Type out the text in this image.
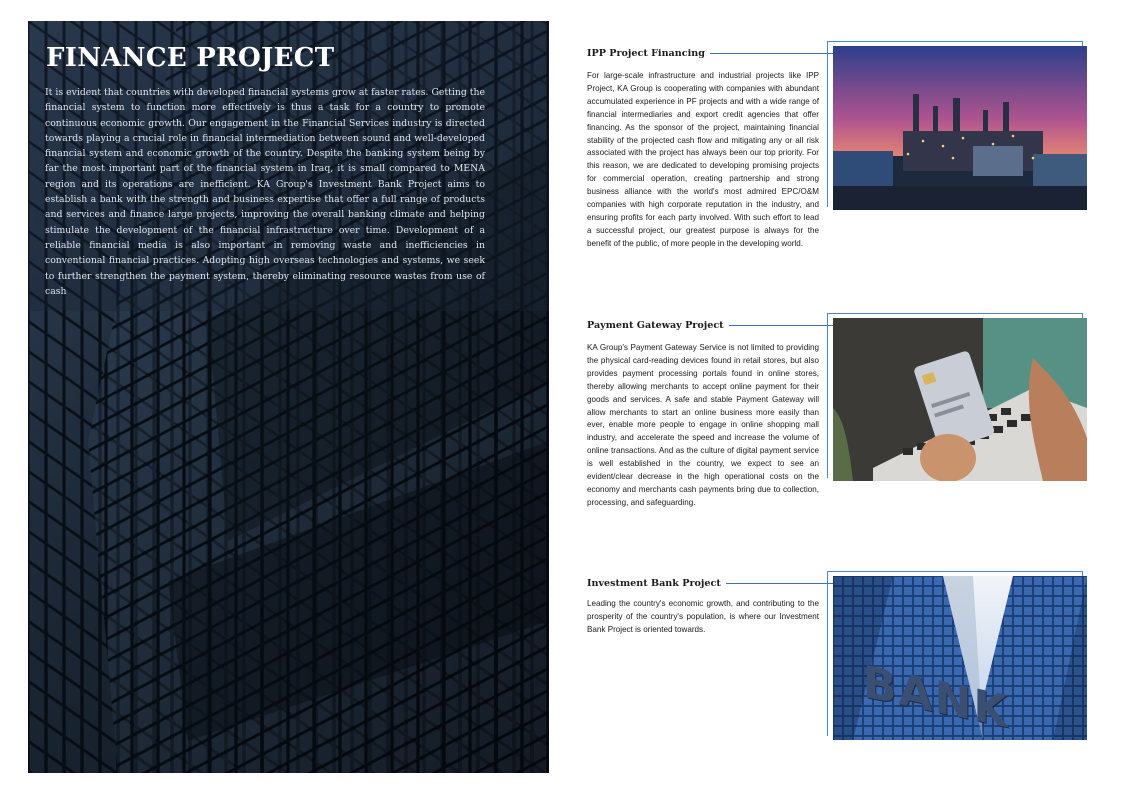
FINANCE PROJECT

It is evident that countries with developed financial systems grow at faster rates. Getting the financial system to function more effectively is thus a task for a country to promote continuous economic growth. Our engagement in the Financial Services industry is directed towards playing a crucial role in financial intermediation between sound and well-developed financial system and economic growth of the country. Despite the banking system being by far the most important part of the financial system in Iraq, it is small compared to MENA region and its operations are inefficient. KA Group's Investment Bank Project aims to establish a bank with the strength and business expertise that offer a full range of products and services and finance large projects, improving the overall banking climate and helping stimulate the development of the financial infrastructure over time. Development of a reliable financial media is also important in removing waste and inefficiencies in conventional financial practices. Adopting high overseas technologies and systems, we seek to further strengthen the payment system, thereby eliminating resource wastes from use of cash

IPP Project Financing

For large-scale infrastructure and industrial projects like IPP Project, KA Group is cooperating with companies with abundant accumulated experience in PF projects and with a wide range of financial intermediaries and export credit agencies that offer financing. As the sponsor of the project, maintaining financial stability of the projected cash flow and mitigating any or all risk associated with the project has always been our top priority. For this reason, we are dedicated to developing promising projects for commercial operation, creating partnership and strong business alliance with the world's most admired EPC/O&M companies with high corporate reputation in the industry, and ensuring profits for each party involved. With such effort to lead a successful project, our greatest purpose is always for the benefit of the public, of more people in the developing world.

Payment Gateway Project

KA Group's Payment Gateway Service is not limited to providing the physical card-reading devices found in retail stores, but also provides payment processing portals found in online stores, thereby allowing merchants to accept online payment for their goods and services. A safe and stable Payment Gateway will allow merchants to start an online business more easily than ever, enable more people to engage in online shopping mall industry, and accelerate the speed and increase the volume of online transactions. And as the culture of digital payment service is well established in the country, we expect to see an evident/clear decrease in the high operational costs on the economy and merchants cash payments bring due to collection, processing, and safeguarding.

Investment Bank Project

Leading the country's economic growth, and contributing to the prosperity of the country's population, is where our Investment Bank Project is oriented towards.

BANK
